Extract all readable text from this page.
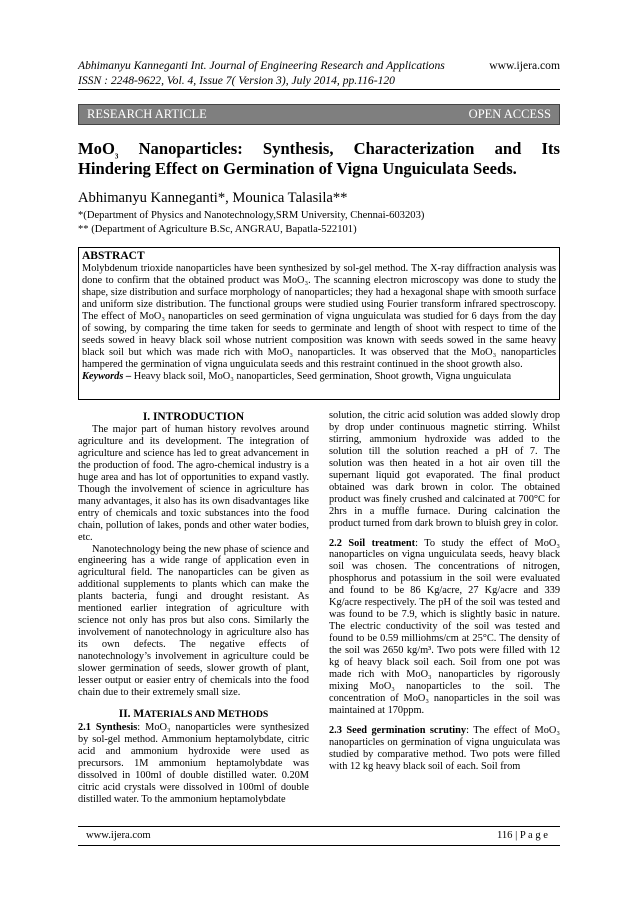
Abhimanyu Kanneganti Int. Journal of Engineering Research and Applications
ISSN : 2248-9622, Vol. 4, Issue 7( Version 3), July 2014, pp.116-120
www.ijera.com
RESEARCH ARTICLE	OPEN ACCESS
MoO$_3$ Nanoparticles: Synthesis, Characterization and Its
Hindering Effect on Germination of Vigna Unguiculata Seeds.
Abhimanyu Kanneganti*, Mounica Talasila**
*(Department of Physics and Nanotechnology,SRM University, Chennai-603203)
** (Department of Agriculture B.Sc, ANGRAU, Bapatla-522101)
ABSTRACT
Molybdenum trioxide nanoparticles have been synthesized by sol-gel method. The X-ray diffraction analysis was done to confirm that the obtained product was MoO₃. The scanning electron microscopy was done to study the shape, size distribution and surface morphology of nanoparticles; they had a hexagonal shape with smooth surface and uniform size distribution. The functional groups were studied using Fourier transform infrared spectroscopy. The effect of MoO₃ nanoparticles on seed germination of vigna unguiculata was studied for 6 days from the day of sowing, by comparing the time taken for seeds to germinate and length of shoot with respect to time of the seeds sowed in heavy black soil whose nutrient composition was known with seeds sowed in the same heavy black soil but which was made rich with MoO₃ nanoparticles. It was observed that the MoO₃ nanoparticles hampered the germination of vigna unguiculata seeds and this restraint continued in the shoot growth also.
Keywords – Heavy black soil, MoO₃ nanoparticles, Seed germination, Shoot growth, Vigna unguiculata
I. INTRODUCTION

The major part of human history revolves around agriculture and its development. The integration of agriculture and science has led to great advancement in the production of food. The agro-chemical industry is a huge area and has lot of opportunities to expand vastly. Though the involvement of science in agriculture has many advantages, it also has its own disadvantages like entry of chemicals and toxic substances into the food chain, pollution of lakes, ponds and other water bodies, etc.

Nanotechnology being the new phase of science and engineering has a wide range of application even in agricultural field. The nanoparticles can be given as additional supplements to plants which can make the plants bacteria, fungi and drought resistant. As mentioned earlier integration of agriculture with science not only has pros but also cons. Similarly the involvement of nanotechnology in agriculture also has its own defects. The negative effects of nanotechnology’s involvement in agriculture could be slower germination of seeds, slower growth of plant, lesser output or easier entry of chemicals into the food chain due to their extremely small size.

II. MATERIALS AND METHODS

2.1 Synthesis: MoO₃ nanoparticles were synthesized by sol-gel method. Ammonium heptamolybdate, citric acid and ammonium hydroxide were used as precursors. 1M ammonium heptamolybdate was dissolved in 100ml of double distilled water. 0.20M citric acid crystals were dissolved in 100ml of double distilled water. To the ammonium heptamolybdate

solution, the citric acid solution was added slowly drop by drop under continuous magnetic stirring. Whilst stirring, ammonium hydroxide was added to the solution till the solution reached a pH of 7. The solution was then heated in a hot air oven till the supernant liquid got evaporated. The final product obtained was dark brown in color. The obtained product was finely crushed and calcinated at 700°C for 2hrs in a muffle furnace. During calcination the product turned from dark brown to bluish grey in color.

2.2 Soil treatment: To study the effect of MoO₃ nanoparticles on vigna unguiculata seeds, heavy black soil was chosen. The concentrations of nitrogen, phosphorus and potassium in the soil were evaluated and found to be 86 Kg/acre, 27 Kg/acre and 339 Kg/acre respectively. The pH of the soil was tested and was found to be 7.9, which is slightly basic in nature. The electric conductivity of the soil was tested and found to be 0.59 milliohms/cm at 25°C. The density of the soil was 2650 kg/m³. Two pots were filled with 12 kg of heavy black soil each. Soil from one pot was made rich with MoO₃ nanoparticles by rigorously mixing MoO₃ nanoparticles to the soil. The concentration of MoO₃ nanoparticles in the soil was maintained at 170ppm.

2.3 Seed germination scrutiny: The effect of MoO₃ nanoparticles on germination of vigna unguiculata was studied by comparative method. Two pots were filled with 12 kg heavy black soil of each. Soil from

www.ijera.com	116 | P a g e
